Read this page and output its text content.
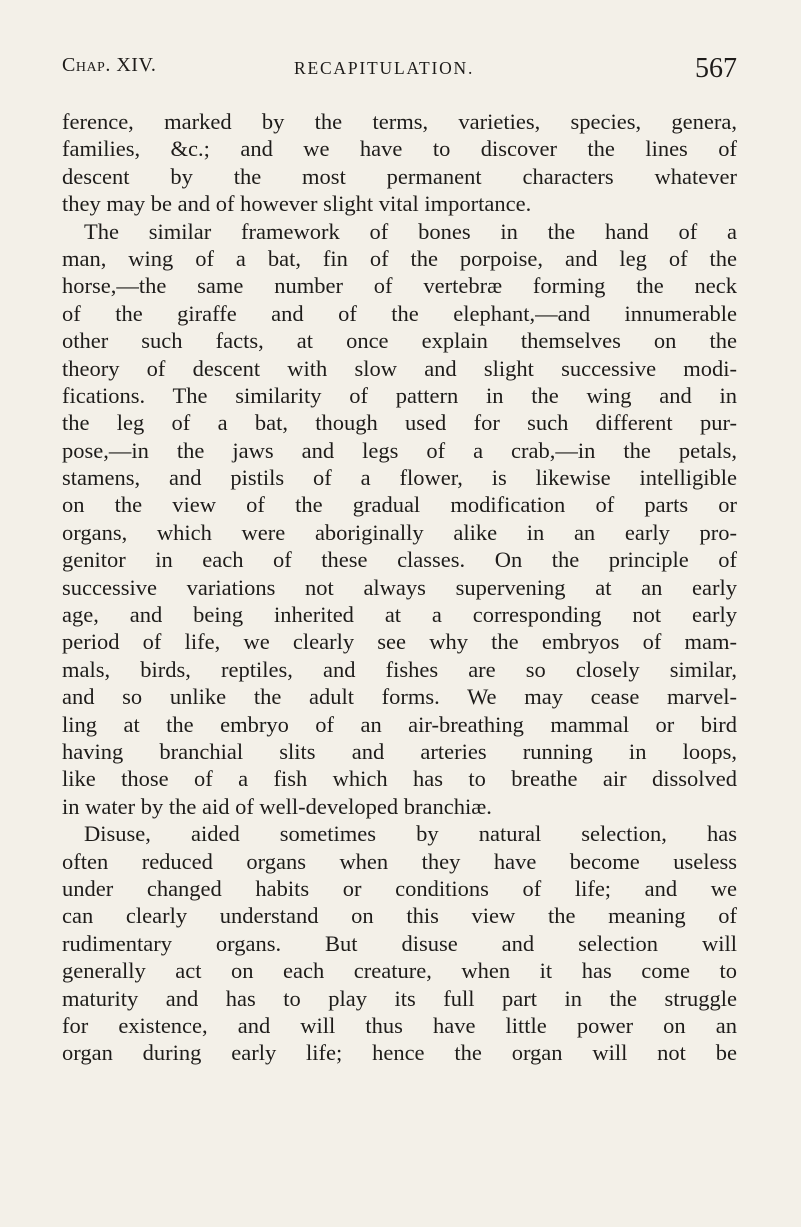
Chap. XIV.	RECAPITULATION.	567
ference, marked by the terms, varieties, species, genera,
families, &c.; and we have to discover the lines of
descent by the most permanent characters whatever
they may be and of however slight vital importance.
The similar framework of bones in the hand of a
man, wing of a bat, fin of the porpoise, and leg of the
horse,—the same number of vertebræ forming the neck
of the giraffe and of the elephant,—and innumerable
other such facts, at once explain themselves on the
theory of descent with slow and slight successive modi-
fications. The similarity of pattern in the wing and in
the leg of a bat, though used for such different pur-
pose,—in the jaws and legs of a crab,—in the petals,
stamens, and pistils of a flower, is likewise intelligible
on the view of the gradual modification of parts or
organs, which were aboriginally alike in an early pro-
genitor in each of these classes. On the principle of
successive variations not always supervening at an early
age, and being inherited at a corresponding not early
period of life, we clearly see why the embryos of mam-
mals, birds, reptiles, and fishes are so closely similar,
and so unlike the adult forms. We may cease marvel-
ling at the embryo of an air-breathing mammal or bird
having branchial slits and arteries running in loops,
like those of a fish which has to breathe air dissolved
in water by the aid of well-developed branchiæ.
Disuse, aided sometimes by natural selection, has
often reduced organs when they have become useless
under changed habits or conditions of life; and we
can clearly understand on this view the meaning of
rudimentary organs. But disuse and selection will
generally act on each creature, when it has come to
maturity and has to play its full part in the struggle
for existence, and will thus have little power on an
organ during early life; hence the organ will not be
